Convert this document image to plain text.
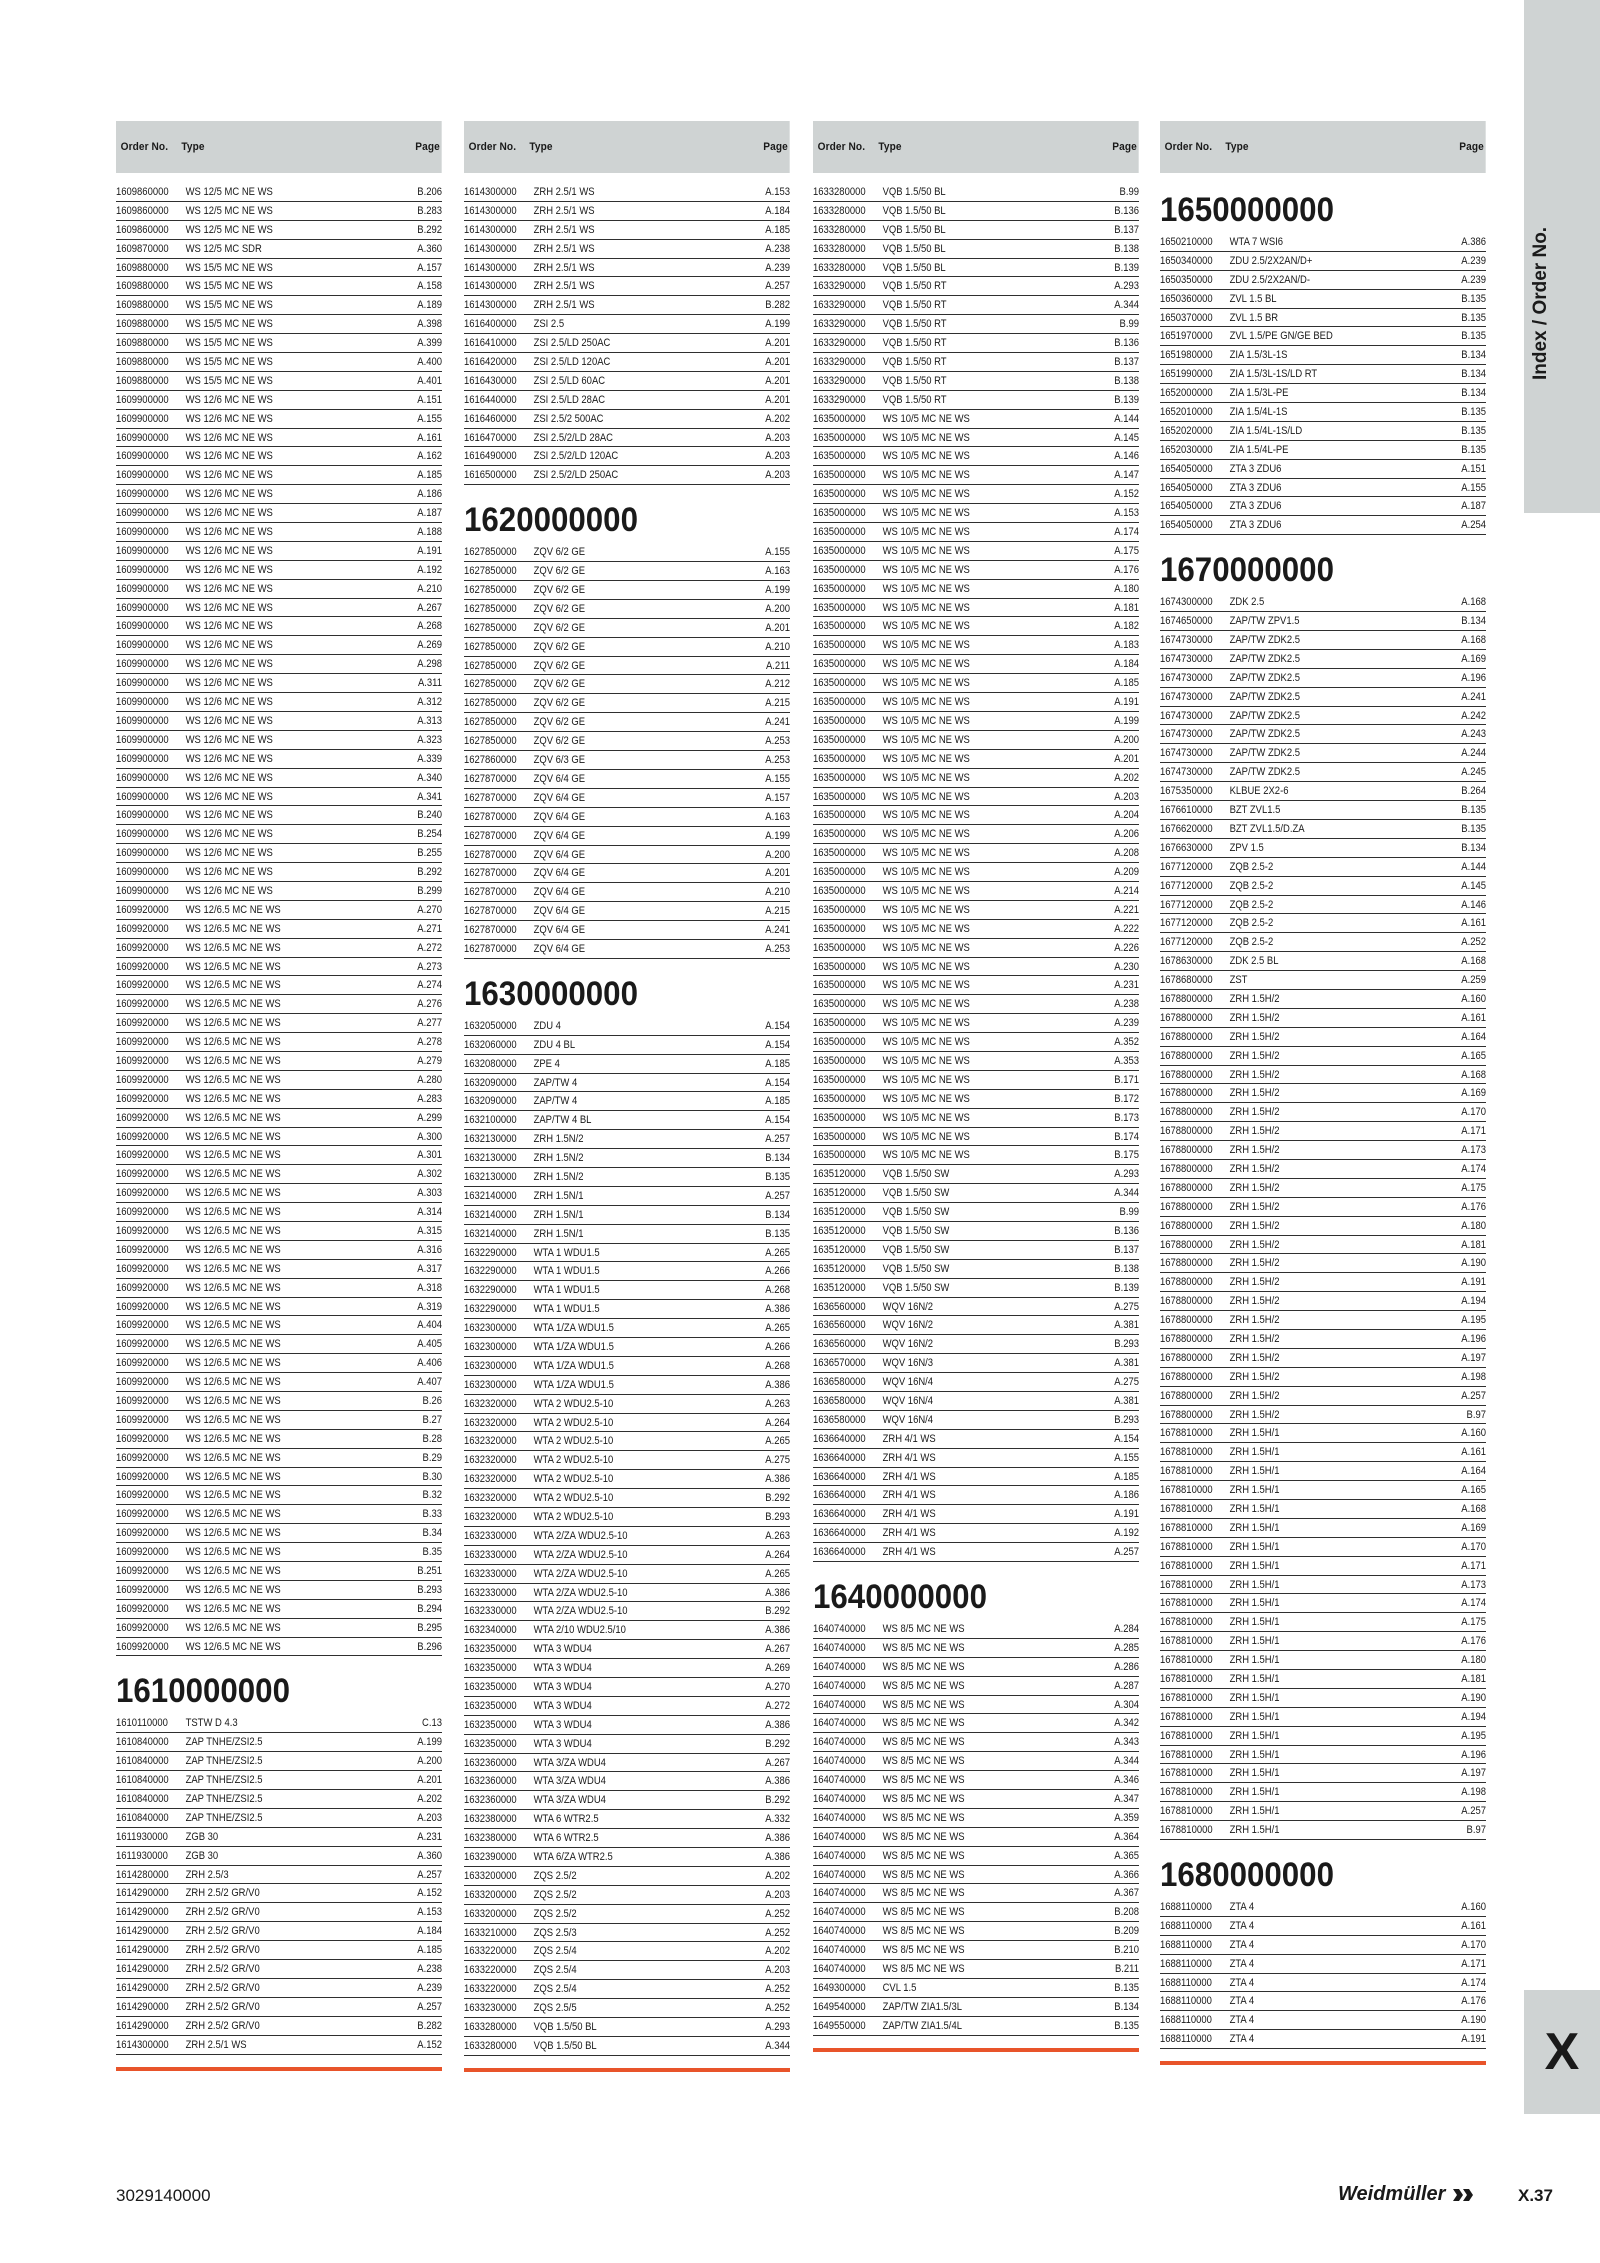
Order No.	Type	Page
1609860000	WS 12/5 MC NE WS	B.206
1609860000	WS 12/5 MC NE WS	B.283
1609860000	WS 12/5 MC NE WS	B.292
1609870000	WS 12/5 MC SDR	A.360
1609880000	WS 15/5 MC NE WS	A.157
1609880000	WS 15/5 MC NE WS	A.158
1609880000	WS 15/5 MC NE WS	A.189
1609880000	WS 15/5 MC NE WS	A.398
1609880000	WS 15/5 MC NE WS	A.399
1609880000	WS 15/5 MC NE WS	A.400
1609880000	WS 15/5 MC NE WS	A.401
1609900000	WS 12/6 MC NE WS	A.151
1609900000	WS 12/6 MC NE WS	A.155
1609900000	WS 12/6 MC NE WS	A.161
1609900000	WS 12/6 MC NE WS	A.162
1609900000	WS 12/6 MC NE WS	A.185
1609900000	WS 12/6 MC NE WS	A.186
1609900000	WS 12/6 MC NE WS	A.187
1609900000	WS 12/6 MC NE WS	A.188
1609900000	WS 12/6 MC NE WS	A.191
1609900000	WS 12/6 MC NE WS	A.192
1609900000	WS 12/6 MC NE WS	A.210
1609900000	WS 12/6 MC NE WS	A.267
1609900000	WS 12/6 MC NE WS	A.268
1609900000	WS 12/6 MC NE WS	A.269
1609900000	WS 12/6 MC NE WS	A.298
1609900000	WS 12/6 MC NE WS	A.311
1609900000	WS 12/6 MC NE WS	A.312
1609900000	WS 12/6 MC NE WS	A.313
1609900000	WS 12/6 MC NE WS	A.323
1609900000	WS 12/6 MC NE WS	A.339
1609900000	WS 12/6 MC NE WS	A.340
1609900000	WS 12/6 MC NE WS	A.341
1609900000	WS 12/6 MC NE WS	B.240
1609900000	WS 12/6 MC NE WS	B.254
1609900000	WS 12/6 MC NE WS	B.255
1609900000	WS 12/6 MC NE WS	B.292
1609900000	WS 12/6 MC NE WS	B.299
1609920000	WS 12/6.5 MC NE WS	A.270
1609920000	WS 12/6.5 MC NE WS	A.271
1609920000	WS 12/6.5 MC NE WS	A.272
1609920000	WS 12/6.5 MC NE WS	A.273
1609920000	WS 12/6.5 MC NE WS	A.274
1609920000	WS 12/6.5 MC NE WS	A.276
1609920000	WS 12/6.5 MC NE WS	A.277
1609920000	WS 12/6.5 MC NE WS	A.278
1609920000	WS 12/6.5 MC NE WS	A.279
1609920000	WS 12/6.5 MC NE WS	A.280
1609920000	WS 12/6.5 MC NE WS	A.283
1609920000	WS 12/6.5 MC NE WS	A.299
1609920000	WS 12/6.5 MC NE WS	A.300
1609920000	WS 12/6.5 MC NE WS	A.301
1609920000	WS 12/6.5 MC NE WS	A.302
1609920000	WS 12/6.5 MC NE WS	A.303
1609920000	WS 12/6.5 MC NE WS	A.314
1609920000	WS 12/6.5 MC NE WS	A.315
1609920000	WS 12/6.5 MC NE WS	A.316
1609920000	WS 12/6.5 MC NE WS	A.317
1609920000	WS 12/6.5 MC NE WS	A.318
1609920000	WS 12/6.5 MC NE WS	A.319
1609920000	WS 12/6.5 MC NE WS	A.404
1609920000	WS 12/6.5 MC NE WS	A.405
1609920000	WS 12/6.5 MC NE WS	A.406
1609920000	WS 12/6.5 MC NE WS	A.407
1609920000	WS 12/6.5 MC NE WS	B.26
1609920000	WS 12/6.5 MC NE WS	B.27
1609920000	WS 12/6.5 MC NE WS	B.28
1609920000	WS 12/6.5 MC NE WS	B.29
1609920000	WS 12/6.5 MC NE WS	B.30
1609920000	WS 12/6.5 MC NE WS	B.32
1609920000	WS 12/6.5 MC NE WS	B.33
1609920000	WS 12/6.5 MC NE WS	B.34
1609920000	WS 12/6.5 MC NE WS	B.35
1609920000	WS 12/6.5 MC NE WS	B.251
1609920000	WS 12/6.5 MC NE WS	B.293
1609920000	WS 12/6.5 MC NE WS	B.294
1609920000	WS 12/6.5 MC NE WS	B.295
1609920000	WS 12/6.5 MC NE WS	B.296
1610000000
1610110000	TSTW D 4.3	C.13
1610840000	ZAP TNHE/ZSI2.5	A.199
1610840000	ZAP TNHE/ZSI2.5	A.200
1610840000	ZAP TNHE/ZSI2.5	A.201
1610840000	ZAP TNHE/ZSI2.5	A.202
1610840000	ZAP TNHE/ZSI2.5	A.203
1611930000	ZGB 30	A.231
1611930000	ZGB 30	A.360
1614280000	ZRH 2.5/3	A.257
1614290000	ZRH 2.5/2 GR/V0	A.152
1614290000	ZRH 2.5/2 GR/V0	A.153
1614290000	ZRH 2.5/2 GR/V0	A.184
1614290000	ZRH 2.5/2 GR/V0	A.185
1614290000	ZRH 2.5/2 GR/V0	A.238
1614290000	ZRH 2.5/2 GR/V0	A.239
1614290000	ZRH 2.5/2 GR/V0	A.257
1614290000	ZRH 2.5/2 GR/V0	B.282
1614300000	ZRH 2.5/1 WS	A.152
Order No.	Type	Page
1614300000	ZRH 2.5/1 WS	A.153
1614300000	ZRH 2.5/1 WS	A.184
1614300000	ZRH 2.5/1 WS	A.185
1614300000	ZRH 2.5/1 WS	A.238
1614300000	ZRH 2.5/1 WS	A.239
1614300000	ZRH 2.5/1 WS	A.257
1614300000	ZRH 2.5/1 WS	B.282
1616400000	ZSI 2.5	A.199
1616410000	ZSI 2.5/LD 250AC	A.201
1616420000	ZSI 2.5/LD 120AC	A.201
1616430000	ZSI 2.5/LD 60AC	A.201
1616440000	ZSI 2.5/LD 28AC	A.201
1616460000	ZSI 2.5/2 500AC	A.202
1616470000	ZSI 2.5/2/LD 28AC	A.203
1616490000	ZSI 2.5/2/LD 120AC	A.203
1616500000	ZSI 2.5/2/LD 250AC	A.203
1620000000
1627850000	ZQV 6/2 GE	A.155
1627850000	ZQV 6/2 GE	A.163
1627850000	ZQV 6/2 GE	A.199
1627850000	ZQV 6/2 GE	A.200
1627850000	ZQV 6/2 GE	A.201
1627850000	ZQV 6/2 GE	A.210
1627850000	ZQV 6/2 GE	A.211
1627850000	ZQV 6/2 GE	A.212
1627850000	ZQV 6/2 GE	A.215
1627850000	ZQV 6/2 GE	A.241
1627850000	ZQV 6/2 GE	A.253
1627860000	ZQV 6/3 GE	A.253
1627870000	ZQV 6/4 GE	A.155
1627870000	ZQV 6/4 GE	A.157
1627870000	ZQV 6/4 GE	A.163
1627870000	ZQV 6/4 GE	A.199
1627870000	ZQV 6/4 GE	A.200
1627870000	ZQV 6/4 GE	A.201
1627870000	ZQV 6/4 GE	A.210
1627870000	ZQV 6/4 GE	A.215
1627870000	ZQV 6/4 GE	A.241
1627870000	ZQV 6/4 GE	A.253
1630000000
1632050000	ZDU 4	A.154
1632060000	ZDU 4 BL	A.154
1632080000	ZPE 4	A.185
1632090000	ZAP/TW 4	A.154
1632090000	ZAP/TW 4	A.185
1632100000	ZAP/TW 4 BL	A.154
1632130000	ZRH 1.5N/2	A.257
1632130000	ZRH 1.5N/2	B.134
1632130000	ZRH 1.5N/2	B.135
1632140000	ZRH 1.5N/1	A.257
1632140000	ZRH 1.5N/1	B.134
1632140000	ZRH 1.5N/1	B.135
1632290000	WTA 1 WDU1.5	A.265
1632290000	WTA 1 WDU1.5	A.266
1632290000	WTA 1 WDU1.5	A.268
1632290000	WTA 1 WDU1.5	A.386
1632300000	WTA 1/ZA WDU1.5	A.265
1632300000	WTA 1/ZA WDU1.5	A.266
1632300000	WTA 1/ZA WDU1.5	A.268
1632300000	WTA 1/ZA WDU1.5	A.386
1632320000	WTA 2 WDU2.5-10	A.263
1632320000	WTA 2 WDU2.5-10	A.264
1632320000	WTA 2 WDU2.5-10	A.265
1632320000	WTA 2 WDU2.5-10	A.275
1632320000	WTA 2 WDU2.5-10	A.386
1632320000	WTA 2 WDU2.5-10	B.292
1632320000	WTA 2 WDU2.5-10	B.293
1632330000	WTA 2/ZA WDU2.5-10	A.263
1632330000	WTA 2/ZA WDU2.5-10	A.264
1632330000	WTA 2/ZA WDU2.5-10	A.265
1632330000	WTA 2/ZA WDU2.5-10	A.386
1632330000	WTA 2/ZA WDU2.5-10	B.292
1632340000	WTA 2/10 WDU2.5/10	A.386
1632350000	WTA 3 WDU4	A.267
1632350000	WTA 3 WDU4	A.269
1632350000	WTA 3 WDU4	A.270
1632350000	WTA 3 WDU4	A.272
1632350000	WTA 3 WDU4	A.386
1632350000	WTA 3 WDU4	B.292
1632360000	WTA 3/ZA WDU4	A.267
1632360000	WTA 3/ZA WDU4	A.386
1632360000	WTA 3/ZA WDU4	B.292
1632380000	WTA 6 WTR2.5	A.332
1632380000	WTA 6 WTR2.5	A.386
1632390000	WTA 6/ZA WTR2.5	A.386
1633200000	ZQS 2.5/2	A.202
1633200000	ZQS 2.5/2	A.203
1633200000	ZQS 2.5/2	A.252
1633210000	ZQS 2.5/3	A.252
1633220000	ZQS 2.5/4	A.202
1633220000	ZQS 2.5/4	A.203
1633220000	ZQS 2.5/4	A.252
1633230000	ZQS 2.5/5	A.252
1633280000	VQB 1.5/50 BL	A.293
1633280000	VQB 1.5/50 BL	A.344
Order No.	Type	Page
1633280000	VQB 1.5/50 BL	B.99
1633280000	VQB 1.5/50 BL	B.136
1633280000	VQB 1.5/50 BL	B.137
1633280000	VQB 1.5/50 BL	B.138
1633280000	VQB 1.5/50 BL	B.139
1633290000	VQB 1.5/50 RT	A.293
1633290000	VQB 1.5/50 RT	A.344
1633290000	VQB 1.5/50 RT	B.99
1633290000	VQB 1.5/50 RT	B.136
1633290000	VQB 1.5/50 RT	B.137
1633290000	VQB 1.5/50 RT	B.138
1633290000	VQB 1.5/50 RT	B.139
1635000000	WS 10/5 MC NE WS	A.144
1635000000	WS 10/5 MC NE WS	A.145
1635000000	WS 10/5 MC NE WS	A.146
1635000000	WS 10/5 MC NE WS	A.147
1635000000	WS 10/5 MC NE WS	A.152
1635000000	WS 10/5 MC NE WS	A.153
1635000000	WS 10/5 MC NE WS	A.174
1635000000	WS 10/5 MC NE WS	A.175
1635000000	WS 10/5 MC NE WS	A.176
1635000000	WS 10/5 MC NE WS	A.180
1635000000	WS 10/5 MC NE WS	A.181
1635000000	WS 10/5 MC NE WS	A.182
1635000000	WS 10/5 MC NE WS	A.183
1635000000	WS 10/5 MC NE WS	A.184
1635000000	WS 10/5 MC NE WS	A.185
1635000000	WS 10/5 MC NE WS	A.191
1635000000	WS 10/5 MC NE WS	A.199
1635000000	WS 10/5 MC NE WS	A.200
1635000000	WS 10/5 MC NE WS	A.201
1635000000	WS 10/5 MC NE WS	A.202
1635000000	WS 10/5 MC NE WS	A.203
1635000000	WS 10/5 MC NE WS	A.204
1635000000	WS 10/5 MC NE WS	A.206
1635000000	WS 10/5 MC NE WS	A.208
1635000000	WS 10/5 MC NE WS	A.209
1635000000	WS 10/5 MC NE WS	A.214
1635000000	WS 10/5 MC NE WS	A.221
1635000000	WS 10/5 MC NE WS	A.222
1635000000	WS 10/5 MC NE WS	A.226
1635000000	WS 10/5 MC NE WS	A.230
1635000000	WS 10/5 MC NE WS	A.231
1635000000	WS 10/5 MC NE WS	A.238
1635000000	WS 10/5 MC NE WS	A.239
1635000000	WS 10/5 MC NE WS	A.352
1635000000	WS 10/5 MC NE WS	A.353
1635000000	WS 10/5 MC NE WS	B.171
1635000000	WS 10/5 MC NE WS	B.172
1635000000	WS 10/5 MC NE WS	B.173
1635000000	WS 10/5 MC NE WS	B.174
1635000000	WS 10/5 MC NE WS	B.175
1635120000	VQB 1.5/50 SW	A.293
1635120000	VQB 1.5/50 SW	A.344
1635120000	VQB 1.5/50 SW	B.99
1635120000	VQB 1.5/50 SW	B.136
1635120000	VQB 1.5/50 SW	B.137
1635120000	VQB 1.5/50 SW	B.138
1635120000	VQB 1.5/50 SW	B.139
1636560000	WQV 16N/2	A.275
1636560000	WQV 16N/2	A.381
1636560000	WQV 16N/2	B.293
1636570000	WQV 16N/3	A.381
1636580000	WQV 16N/4	A.275
1636580000	WQV 16N/4	A.381
1636580000	WQV 16N/4	B.293
1636640000	ZRH 4/1 WS	A.154
1636640000	ZRH 4/1 WS	A.155
1636640000	ZRH 4/1 WS	A.185
1636640000	ZRH 4/1 WS	A.186
1636640000	ZRH 4/1 WS	A.191
1636640000	ZRH 4/1 WS	A.192
1636640000	ZRH 4/1 WS	A.257
1640000000
1640740000	WS 8/5 MC NE WS	A.284
1640740000	WS 8/5 MC NE WS	A.285
1640740000	WS 8/5 MC NE WS	A.286
1640740000	WS 8/5 MC NE WS	A.287
1640740000	WS 8/5 MC NE WS	A.304
1640740000	WS 8/5 MC NE WS	A.342
1640740000	WS 8/5 MC NE WS	A.343
1640740000	WS 8/5 MC NE WS	A.344
1640740000	WS 8/5 MC NE WS	A.346
1640740000	WS 8/5 MC NE WS	A.347
1640740000	WS 8/5 MC NE WS	A.359
1640740000	WS 8/5 MC NE WS	A.364
1640740000	WS 8/5 MC NE WS	A.365
1640740000	WS 8/5 MC NE WS	A.366
1640740000	WS 8/5 MC NE WS	A.367
1640740000	WS 8/5 MC NE WS	B.208
1640740000	WS 8/5 MC NE WS	B.209
1640740000	WS 8/5 MC NE WS	B.210
1640740000	WS 8/5 MC NE WS	B.211
1649300000	CVL 1.5	B.135
1649540000	ZAP/TW ZIA1.5/3L	B.134
1649550000	ZAP/TW ZIA1.5/4L	B.135
Order No.	Type	Page
1650000000
1650210000	WTA 7 WSI6	A.386
1650340000	ZDU 2.5/2X2AN/D+	A.239
1650350000	ZDU 2.5/2X2AN/D-	A.239
1650360000	ZVL 1.5 BL	B.135
1650370000	ZVL 1.5 BR	B.135
1651970000	ZVL 1.5/PE GN/GE BED	B.135
1651980000	ZIA 1.5/3L-1S	B.134
1651990000	ZIA 1.5/3L-1S/LD RT	B.134
1652000000	ZIA 1.5/3L-PE	B.134
1652010000	ZIA 1.5/4L-1S	B.135
1652020000	ZIA 1.5/4L-1S/LD	B.135
1652030000	ZIA 1.5/4L-PE	B.135
1654050000	ZTA 3 ZDU6	A.151
1654050000	ZTA 3 ZDU6	A.155
1654050000	ZTA 3 ZDU6	A.187
1654050000	ZTA 3 ZDU6	A.254
1670000000
1674300000	ZDK 2.5	A.168
1674650000	ZAP/TW ZPV1.5	B.134
1674730000	ZAP/TW ZDK2.5	A.168
1674730000	ZAP/TW ZDK2.5	A.169
1674730000	ZAP/TW ZDK2.5	A.196
1674730000	ZAP/TW ZDK2.5	A.241
1674730000	ZAP/TW ZDK2.5	A.242
1674730000	ZAP/TW ZDK2.5	A.243
1674730000	ZAP/TW ZDK2.5	A.244
1674730000	ZAP/TW ZDK2.5	A.245
1675350000	KLBUE 2X2-6	B.264
1676610000	BZT ZVL1.5	B.135
1676620000	BZT ZVL1.5/D.ZA	B.135
1676630000	ZPV 1.5	B.134
1677120000	ZQB 2.5-2	A.144
1677120000	ZQB 2.5-2	A.145
1677120000	ZQB 2.5-2	A.146
1677120000	ZQB 2.5-2	A.161
1677120000	ZQB 2.5-2	A.252
1678630000	ZDK 2.5 BL	A.168
1678680000	ZST	A.259
1678800000	ZRH 1.5H/2	A.160
1678800000	ZRH 1.5H/2	A.161
1678800000	ZRH 1.5H/2	A.164
1678800000	ZRH 1.5H/2	A.165
1678800000	ZRH 1.5H/2	A.168
1678800000	ZRH 1.5H/2	A.169
1678800000	ZRH 1.5H/2	A.170
1678800000	ZRH 1.5H/2	A.171
1678800000	ZRH 1.5H/2	A.173
1678800000	ZRH 1.5H/2	A.174
1678800000	ZRH 1.5H/2	A.175
1678800000	ZRH 1.5H/2	A.176
1678800000	ZRH 1.5H/2	A.180
1678800000	ZRH 1.5H/2	A.181
1678800000	ZRH 1.5H/2	A.190
1678800000	ZRH 1.5H/2	A.191
1678800000	ZRH 1.5H/2	A.194
1678800000	ZRH 1.5H/2	A.195
1678800000	ZRH 1.5H/2	A.196
1678800000	ZRH 1.5H/2	A.197
1678800000	ZRH 1.5H/2	A.198
1678800000	ZRH 1.5H/2	A.257
1678800000	ZRH 1.5H/2	B.97
1678810000	ZRH 1.5H/1	A.160
1678810000	ZRH 1.5H/1	A.161
1678810000	ZRH 1.5H/1	A.164
1678810000	ZRH 1.5H/1	A.165
1678810000	ZRH 1.5H/1	A.168
1678810000	ZRH 1.5H/1	A.169
1678810000	ZRH 1.5H/1	A.170
1678810000	ZRH 1.5H/1	A.171
1678810000	ZRH 1.5H/1	A.173
1678810000	ZRH 1.5H/1	A.174
1678810000	ZRH 1.5H/1	A.175
1678810000	ZRH 1.5H/1	A.176
1678810000	ZRH 1.5H/1	A.180
1678810000	ZRH 1.5H/1	A.181
1678810000	ZRH 1.5H/1	A.190
1678810000	ZRH 1.5H/1	A.194
1678810000	ZRH 1.5H/1	A.195
1678810000	ZRH 1.5H/1	A.196
1678810000	ZRH 1.5H/1	A.197
1678810000	ZRH 1.5H/1	A.198
1678810000	ZRH 1.5H/1	A.257
1678810000	ZRH 1.5H/1	B.97
1680000000
1688110000	ZTA 4	A.160
1688110000	ZTA 4	A.161
1688110000	ZTA 4	A.170
1688110000	ZTA 4	A.171
1688110000	ZTA 4	A.174
1688110000	ZTA 4	A.176
1688110000	ZTA 4	A.190
1688110000	ZTA 4	A.191
Index / Order No.
X
3029140000	Weidmüller	X.37
